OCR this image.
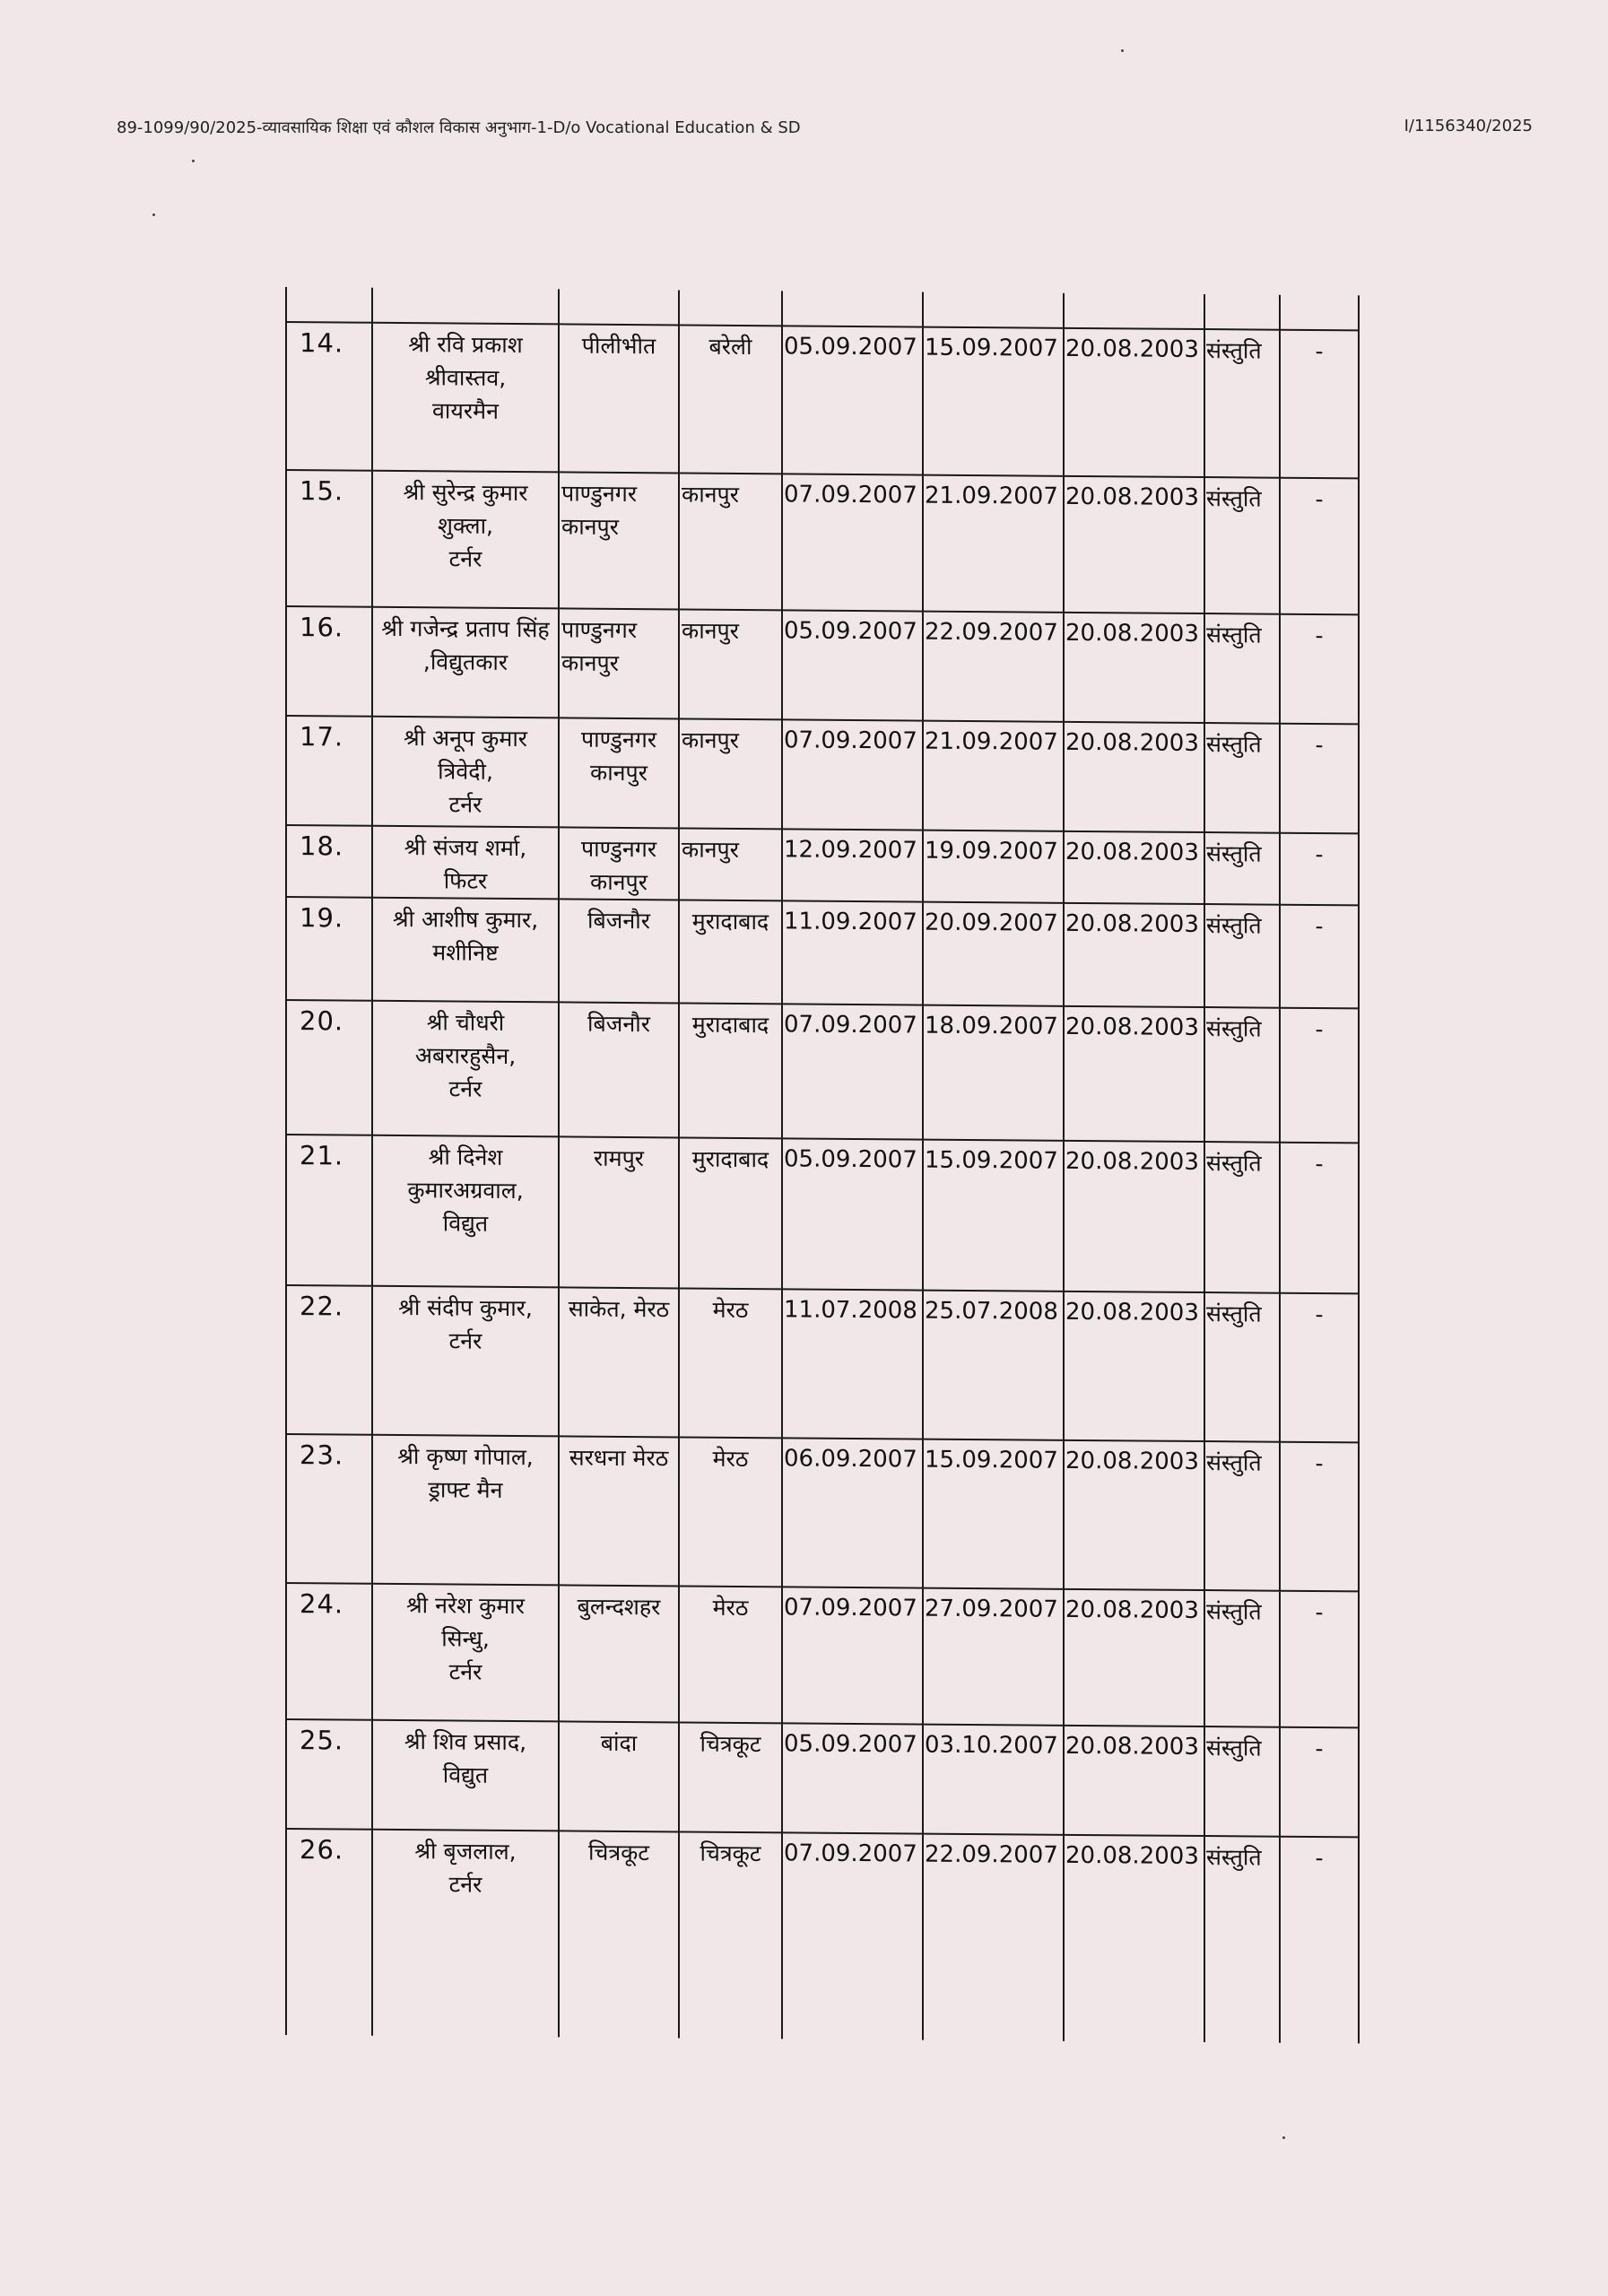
89-1099/90/2025-व्यावसायिक शिक्षा एवं कौशल विकास अनुभाग-1-D/o Vocational Education & SD	I/1156340/2025

14.	श्री रवि प्रकाश
श्रीवास्तव,
वायरमैन	पीलीभीत	बरेली	05.09.2007	15.09.2007	20.08.2003	संस्तुति	-
15.	श्री सुरेन्द्र कुमार
शुक्ला,
टर्नर	पाण्डुनगर
कानपुर	कानपुर	07.09.2007	21.09.2007	20.08.2003	संस्तुति	-
16.	श्री गजेन्द्र प्रताप सिंह
,विद्युतकार	पाण्डुनगर
कानपुर	कानपुर	05.09.2007	22.09.2007	20.08.2003	संस्तुति	-
17.	श्री अनूप कुमार
त्रिवेदी,
टर्नर	पाण्डुनगर
कानपुर	कानपुर	07.09.2007	21.09.2007	20.08.2003	संस्तुति	-
18.	श्री संजय शर्मा,
फिटर	पाण्डुनगर
कानपुर	कानपुर	12.09.2007	19.09.2007	20.08.2003	संस्तुति	-
19.	श्री आशीष कुमार,
मशीनिष्ट	बिजनौर	मुरादाबाद	11.09.2007	20.09.2007	20.08.2003	संस्तुति	-
20.	श्री चौधरी
अबरारहुसैन,
टर्नर	बिजनौर	मुरादाबाद	07.09.2007	18.09.2007	20.08.2003	संस्तुति	-
21.	श्री दिनेश
कुमारअग्रवाल,
विद्युत	रामपुर	मुरादाबाद	05.09.2007	15.09.2007	20.08.2003	संस्तुति	-
22.	श्री संदीप कुमार,
टर्नर	साकेत, मेरठ	मेरठ	11.07.2008	25.07.2008	20.08.2003	संस्तुति	-
23.	श्री कृष्ण गोपाल,
ड्राफ्ट मैन	सरधना मेरठ	मेरठ	06.09.2007	15.09.2007	20.08.2003	संस्तुति	-
24.	श्री नरेश कुमार
सिन्धु,
टर्नर	बुलन्दशहर	मेरठ	07.09.2007	27.09.2007	20.08.2003	संस्तुति	-
25.	श्री शिव प्रसाद,
विद्युत	बांदा	चित्रकूट	05.09.2007	03.10.2007	20.08.2003	संस्तुति	-
26.	श्री बृजलाल,
टर्नर	चित्रकूट	चित्रकूट	07.09.2007	22.09.2007	20.08.2003	संस्तुति	-
